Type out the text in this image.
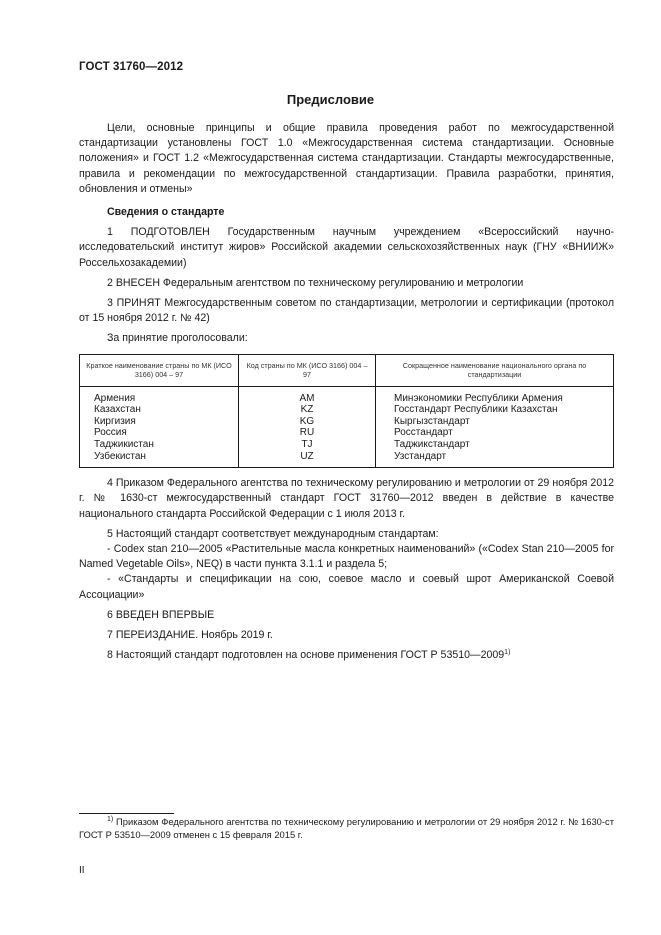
ГОСТ 31760—2012
Предисловие

Цели, основные принципы и общие правила проведения работ по межгосударственной стандартизации установлены ГОСТ 1.0 «Межгосударственная система стандартизации. Основные положения» и ГОСТ 1.2 «Межгосударственная система стандартизации. Стандарты межгосударственные, правила и рекомендации по межгосударственной стандартизации. Правила разработки, принятия, обновления и отмены»

Сведения о стандарте

1 ПОДГОТОВЛЕН Государственным научным учреждением «Всероссийский научно-исследовательский институт жиров» Российской академии сельскохозяйственных наук (ГНУ «ВНИИЖ» Россельхозакадемии)

2 ВНЕСЕН Федеральным агентством по техническому регулированию и метрологии

3 ПРИНЯТ Межгосударственным советом по стандартизации, метрологии и сертификации (протокол от 15 ноября 2012 г. № 42)

За принятие проголосовали:

Краткое наименование страны по МК (ИСО 3166) 004 – 97	Код страны по МК (ИСО 3166) 004 – 97	Сокращенное наименование национального органа по стандартизации
Армения	AM	Минэкономики Республики Армения
Казахстан	KZ	Госстандарт Республики Казахстан
Киргизия	KG	Кыргызстандарт
Россия	RU	Росстандарт
Таджикистан	TJ	Таджикстандарт
Узбекистан	UZ	Узстандарт

4 Приказом Федерального агентства по техническому регулированию и метрологии от 29 ноября 2012 г. № 1630-ст межгосударственный стандарт ГОСТ 31760—2012 введен в действие в качестве национального стандарта Российской Федерации с 1 июля 2013 г.

5 Настоящий стандарт соответствует международным стандартам:

- Codex stan 210—2005 «Растительные масла конкретных наименований» («Codex Stan 210—2005 for Named Vegetable Oils», NEQ) в части пункта 3.1.1 и раздела 5;

- «Стандарты и спецификации на сою, соевое масло и соевый шрот Американской Соевой Ассоциации»

6 ВВЕДЕН ВПЕРВЫЕ

7 ПЕРЕИЗДАНИЕ. Ноябрь 2019 г.

8 Настоящий стандарт подготовлен на основе применения ГОСТ Р 53510—2009$^{1)}$

$^{1)}$ Приказом Федерального агентства по техническому регулированию и метрологии от 29 ноября 2012 г. № 1630-ст ГОСТ Р 53510—2009 отменен с 15 февраля 2015 г.

II
